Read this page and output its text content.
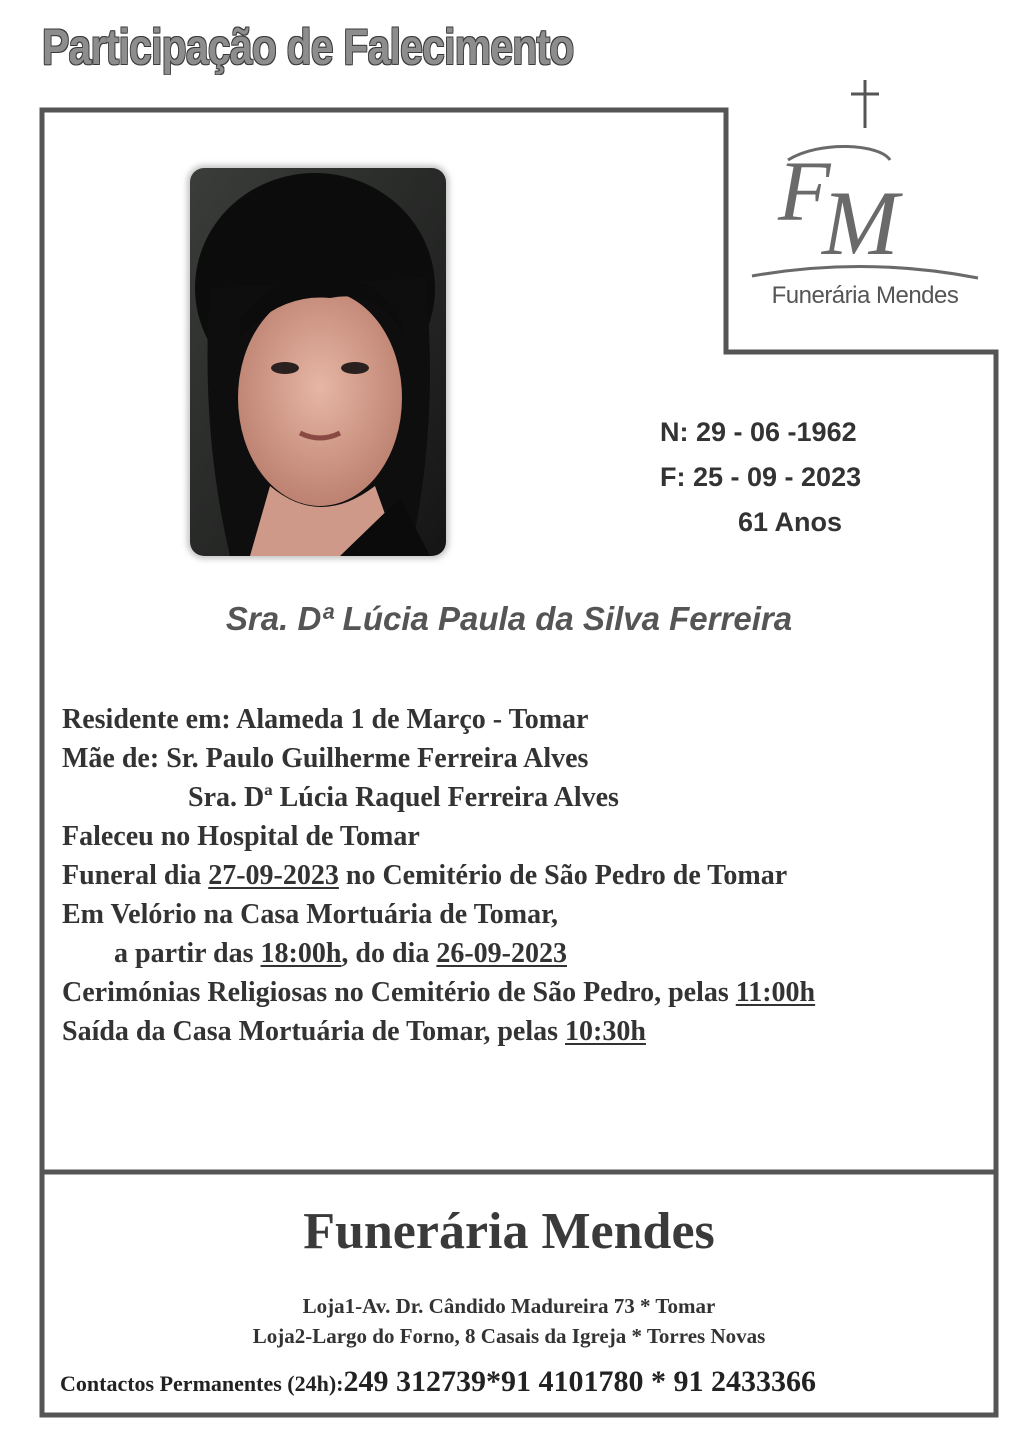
Participação de Falecimento
F
M
Funerária Mendes
N: 29 - 06 -1962
F: 25 - 09 - 2023
61 Anos
Sra. Dª Lúcia Paula da Silva Ferreira
Residente em: Alameda 1 de Março - Tomar
Mãe de: Sr. Paulo Guilherme Ferreira Alves
Sra. Dª Lúcia Raquel Ferreira Alves
Faleceu no Hospital de Tomar
Funeral dia 27-09-2023 no Cemitério de São Pedro de Tomar
Em Velório na Casa Mortuária de Tomar,
a partir das 18:00h, do dia 26-09-2023
Cerimónias Religiosas no Cemitério de São Pedro, pelas 11:00h
Saída da Casa Mortuária de Tomar, pelas 10:30h
Funerária Mendes
Loja1-Av. Dr. Cândido Madureira 73 * Tomar
Loja2-Largo do Forno, 8 Casais da Igreja * Torres Novas
Contactos Permanentes (24h):249 312739*91 4101780 * 91 2433366
